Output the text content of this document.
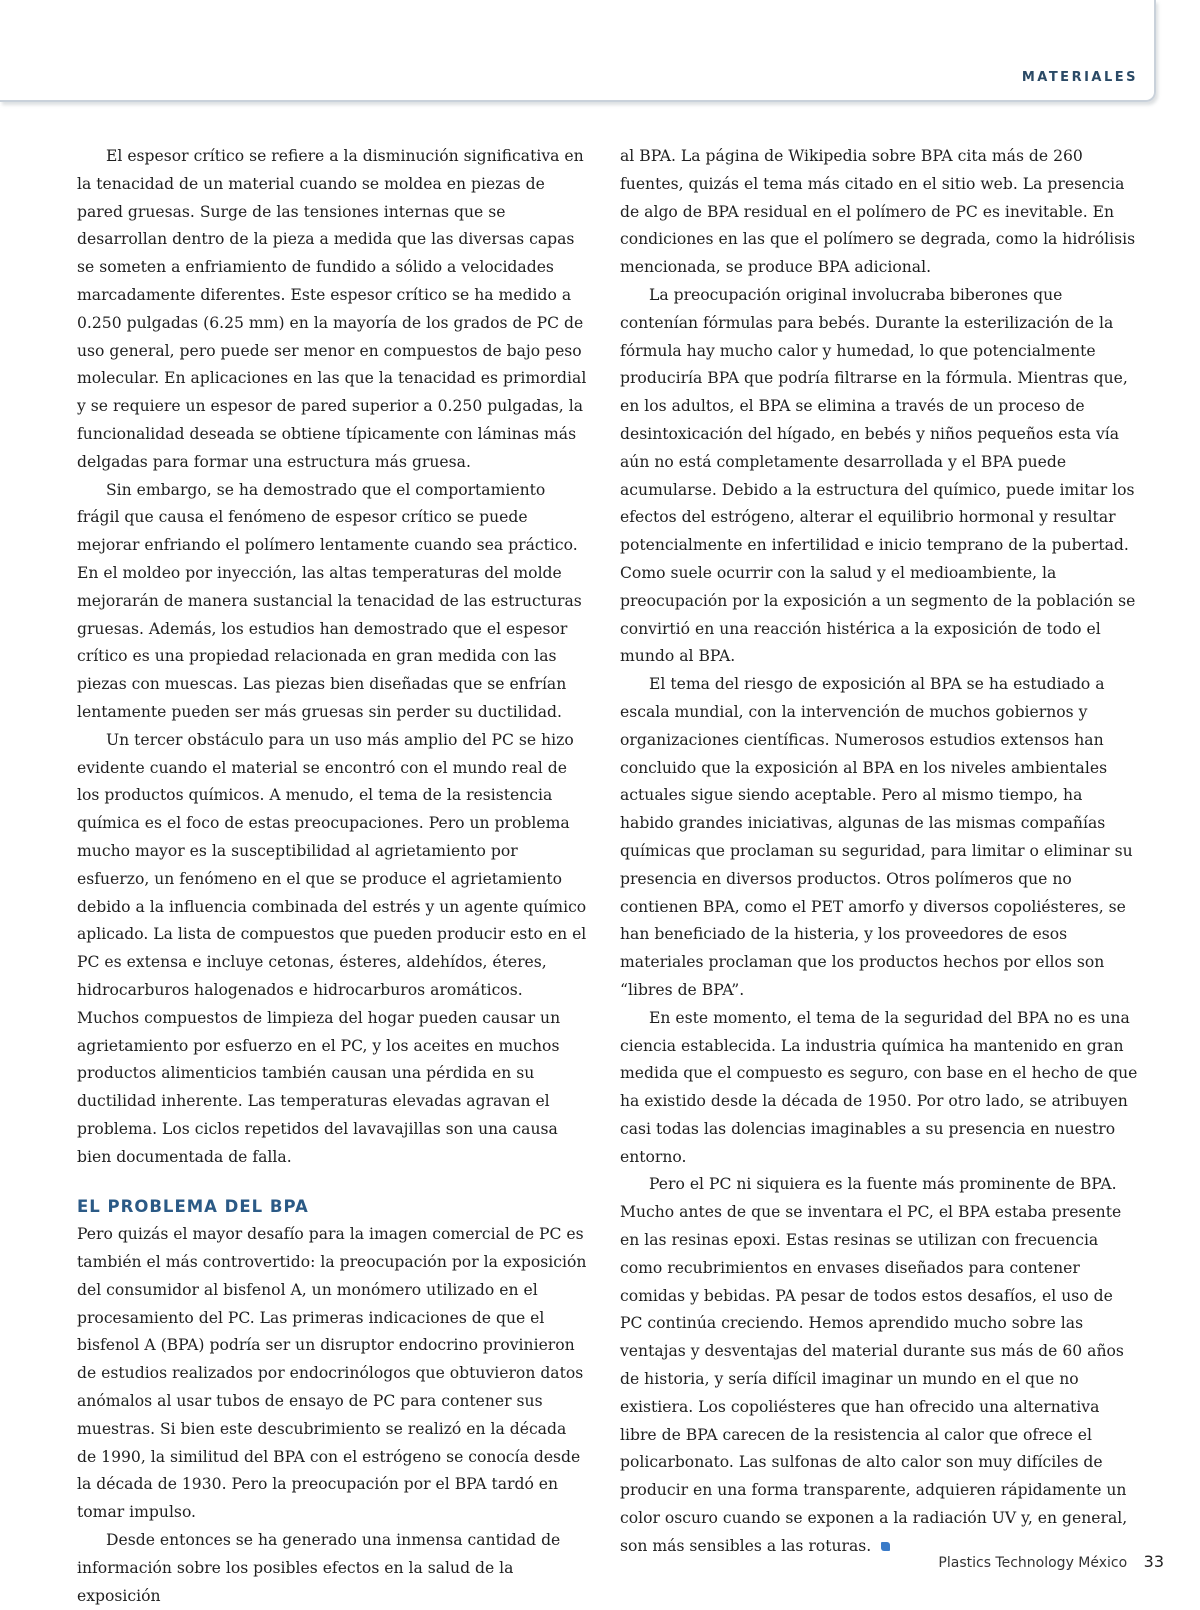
MATERIALES

El espesor crítico se refiere a la disminución significativa en la tenacidad de un material cuando se moldea en piezas de pared gruesas. Surge de las tensiones internas que se desarrollan dentro de la pieza a medida que las diversas capas se someten a enfriamiento de fundido a sólido a velocidades marcadamente diferentes. Este espesor crítico se ha medido a 0.250 pulgadas (6.25 mm) en la mayoría de los grados de PC de uso general, pero puede ser menor en compuestos de bajo peso molecular. En aplicaciones en las que la tenacidad es primordial y se requiere un espesor de pared superior a 0.250 pulgadas, la funcionalidad deseada se obtiene típicamente con láminas más delgadas para formar una estructura más gruesa.

Sin embargo, se ha demostrado que el comportamiento frágil que causa el fenómeno de espesor crítico se puede mejorar enfriando el polímero lentamente cuando sea práctico. En el moldeo por inyección, las altas temperaturas del molde mejorarán de manera sustancial la tenacidad de las estructuras gruesas. Además, los estudios han demostrado que el espesor crítico es una propiedad relacionada en gran medida con las piezas con muescas. Las piezas bien diseñadas que se enfrían lentamente pueden ser más gruesas sin perder su ductilidad.

Un tercer obstáculo para un uso más amplio del PC se hizo evidente cuando el material se encontró con el mundo real de los productos químicos. A menudo, el tema de la resistencia química es el foco de estas preocupaciones. Pero un problema mucho mayor es la susceptibilidad al agrietamiento por esfuerzo, un fenómeno en el que se produce el agrietamiento debido a la influencia combinada del estrés y un agente químico aplicado. La lista de compuestos que pueden producir esto en el PC es extensa e incluye cetonas, ésteres, aldehídos, éteres, hidrocarburos halogenados e hidrocarburos aromáticos. Muchos compuestos de limpieza del hogar pueden causar un agrietamiento por esfuerzo en el PC, y los aceites en muchos productos alimenticios también causan una pérdida en su ductilidad inherente. Las temperaturas elevadas agravan el problema. Los ciclos repetidos del lavavajillas son una causa bien documentada de falla.

EL PROBLEMA DEL BPA

Pero quizás el mayor desafío para la imagen comercial de PC es también el más controvertido: la preocupación por la exposición del consumidor al bisfenol A, un monómero utilizado en el procesamiento del PC. Las primeras indicaciones de que el bisfenol A (BPA) podría ser un disruptor endocrino provinieron de estudios realizados por endocrinólogos que obtuvieron datos anómalos al usar tubos de ensayo de PC para contener sus muestras. Si bien este descubrimiento se realizó en la década de 1990, la similitud del BPA con el estrógeno se conocía desde la década de 1930. Pero la preocupación por el BPA tardó en tomar impulso.

Desde entonces se ha generado una inmensa cantidad de información sobre los posibles efectos en la salud de la exposición

al BPA. La página de Wikipedia sobre BPA cita más de 260 fuentes, quizás el tema más citado en el sitio web. La presencia de algo de BPA residual en el polímero de PC es inevitable. En condiciones en las que el polímero se degrada, como la hidrólisis mencionada, se produce BPA adicional.

La preocupación original involucraba biberones que contenían fórmulas para bebés. Durante la esterilización de la fórmula hay mucho calor y humedad, lo que potencialmente produciría BPA que podría filtrarse en la fórmula. Mientras que, en los adultos, el BPA se elimina a través de un proceso de desintoxicación del hígado, en bebés y niños pequeños esta vía aún no está completamente desarrollada y el BPA puede acumularse. Debido a la estructura del químico, puede imitar los efectos del estrógeno, alterar el equilibrio hormonal y resultar potencialmente en infertilidad e inicio temprano de la pubertad. Como suele ocurrir con la salud y el medioambiente, la preocupación por la exposición a un segmento de la población se convirtió en una reacción histérica a la exposición de todo el mundo al BPA.

El tema del riesgo de exposición al BPA se ha estudiado a escala mundial, con la intervención de muchos gobiernos y organizaciones científicas. Numerosos estudios extensos han concluido que la exposición al BPA en los niveles ambientales actuales sigue siendo aceptable. Pero al mismo tiempo, ha habido grandes iniciativas, algunas de las mismas compañías químicas que proclaman su seguridad, para limitar o eliminar su presencia en diversos productos. Otros polímeros que no contienen BPA, como el PET amorfo y diversos copoliésteres, se han beneficiado de la histeria, y los proveedores de esos materiales proclaman que los productos hechos por ellos son “libres de BPA”.

En este momento, el tema de la seguridad del BPA no es una ciencia establecida. La industria química ha mantenido en gran medida que el compuesto es seguro, con base en el hecho de que ha existido desde la década de 1950. Por otro lado, se atribuyen casi todas las dolencias imaginables a su presencia en nuestro entorno.

Pero el PC ni siquiera es la fuente más prominente de BPA. Mucho antes de que se inventara el PC, el BPA estaba presente en las resinas epoxi. Estas resinas se utilizan con frecuencia como recubrimientos en envases diseñados para contener comidas y bebidas. PA pesar de todos estos desafíos, el uso de PC continúa creciendo. Hemos aprendido mucho sobre las ventajas y desventajas del material durante sus más de 60 años de historia, y sería difícil imaginar un mundo en el que no existiera. Los copoliésteres que han ofrecido una alternativa libre de BPA carecen de la resistencia al calor que ofrece el policarbonato. Las sulfonas de alto calor son muy difíciles de producir en una forma transparente, adquieren rápidamente un color oscuro cuando se exponen a la radiación UV y, en general, son más sensibles a las roturas.

Plastics Technology México 33
